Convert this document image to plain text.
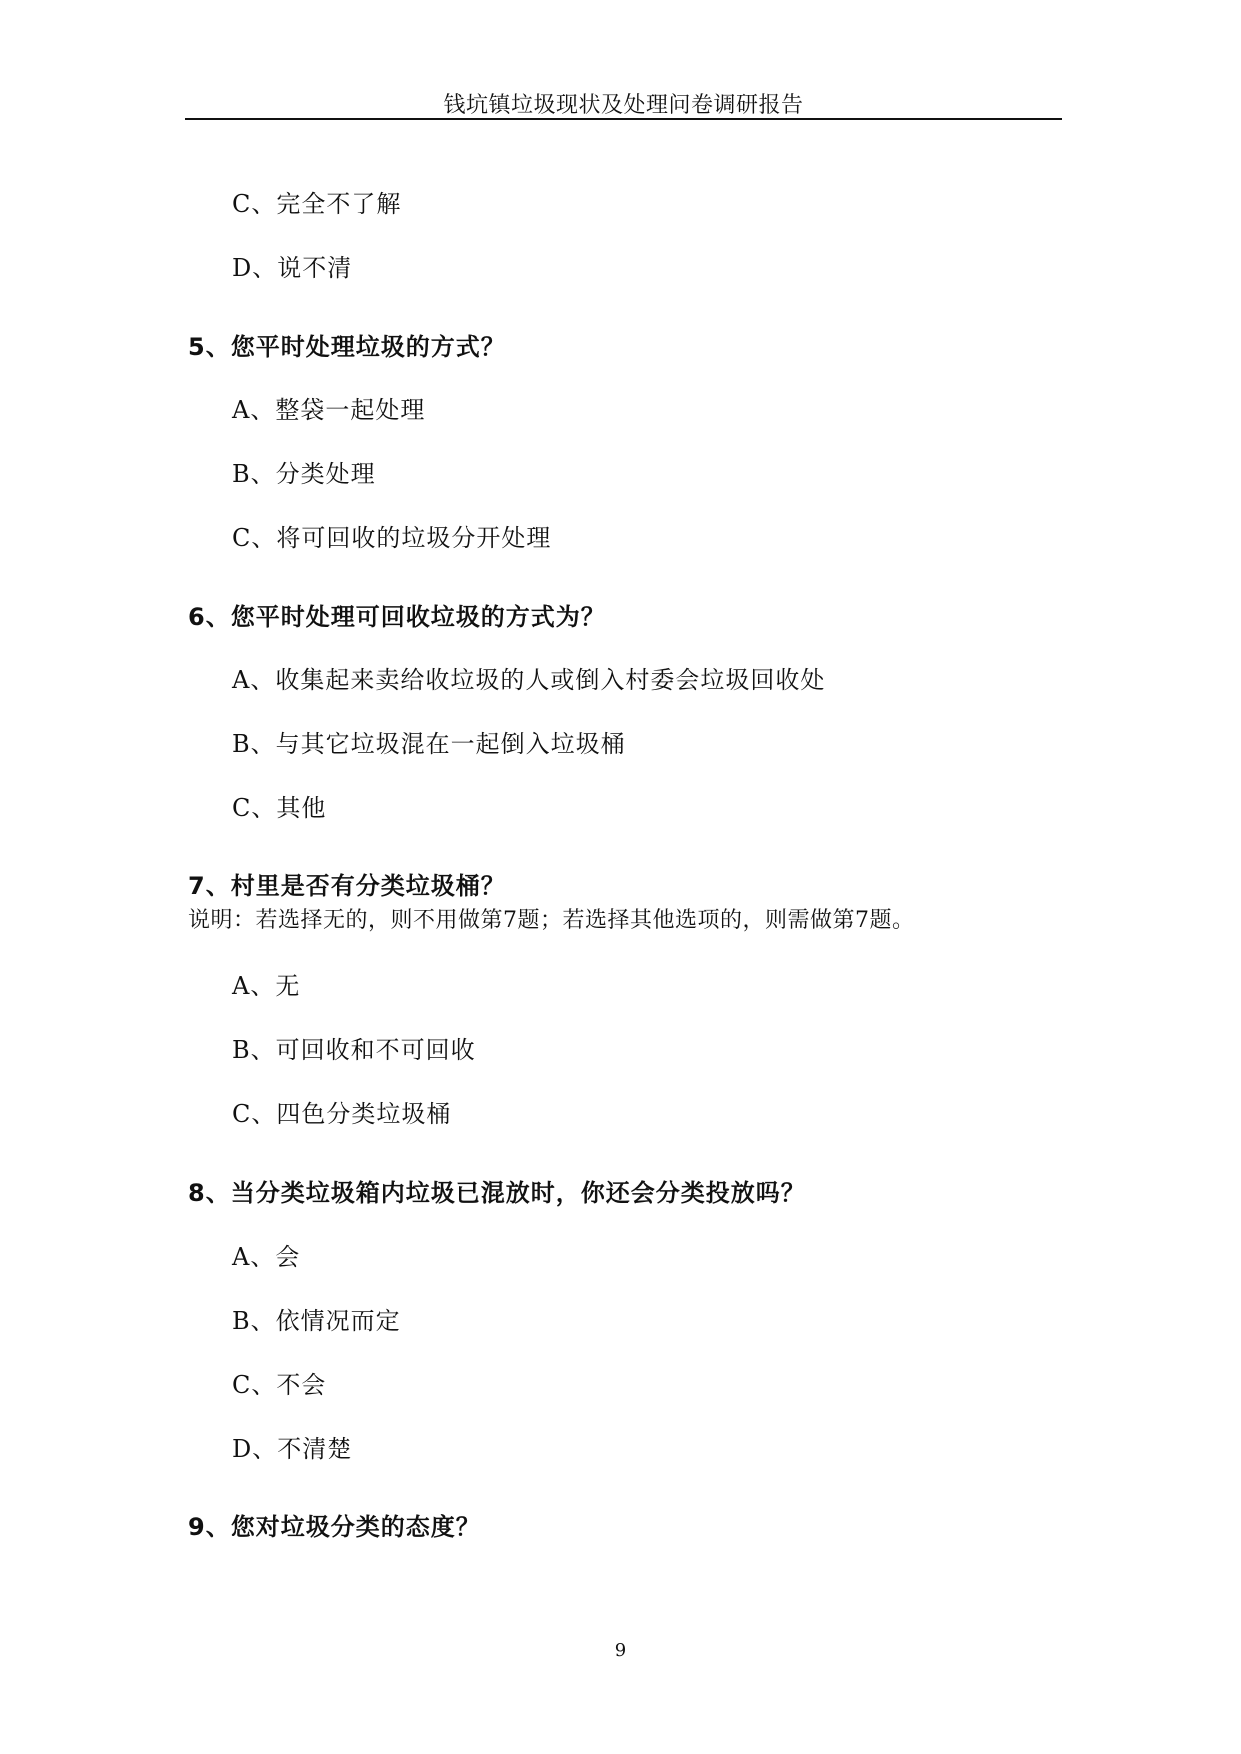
钱坑镇垃圾现状及处理问卷调研报告
C、完全不了解
D、说不清
5、您平时处理垃圾的方式？
A、整袋一起处理
B、分类处理
C、将可回收的垃圾分开处理
6、您平时处理可回收垃圾的方式为？
A、收集起来卖给收垃圾的人或倒入村委会垃圾回收处
B、与其它垃圾混在一起倒入垃圾桶
C、其他
7、村里是否有分类垃圾桶？
说明：若选择无的，则不用做第7题；若选择其他选项的，则需做第7题。
A、无
B、可回收和不可回收
C、四色分类垃圾桶
8、当分类垃圾箱内垃圾已混放时，你还会分类投放吗？
A、会
B、依情况而定
C、不会
D、不清楚
9、您对垃圾分类的态度？
9
